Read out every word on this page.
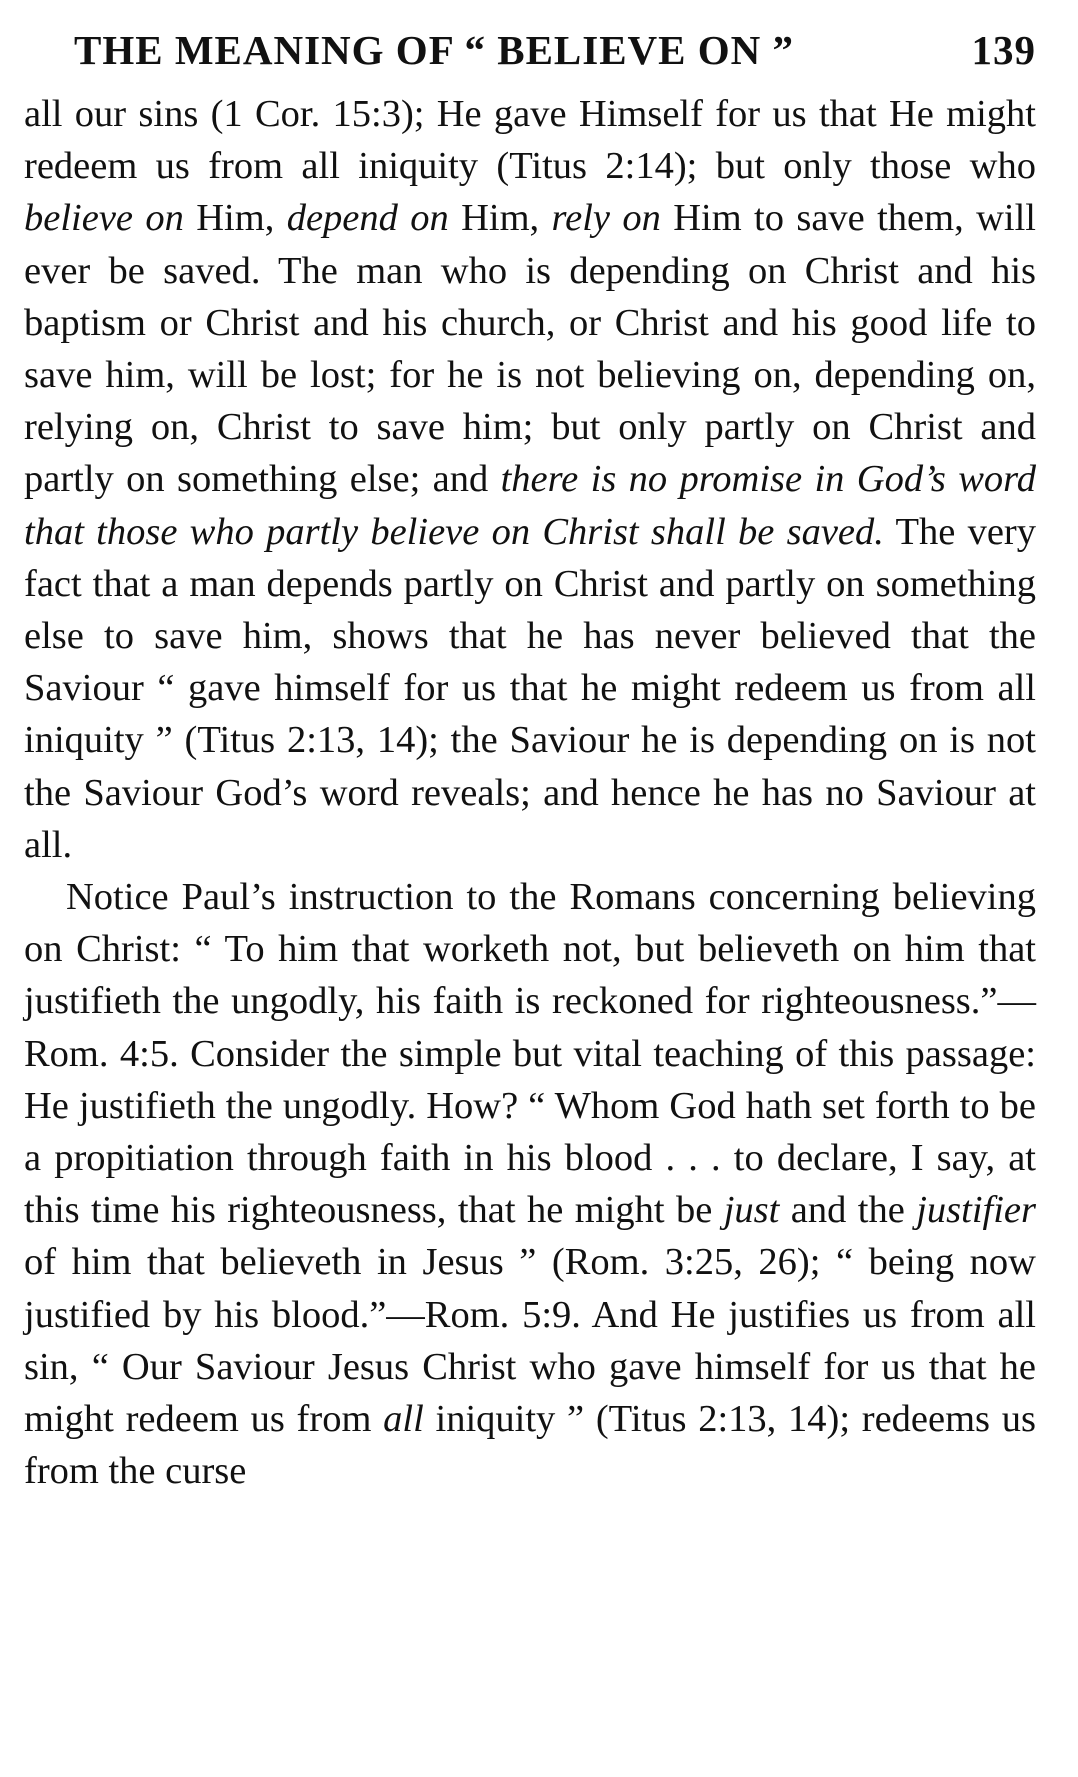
THE MEANING OF “ BELIEVE ON ”	139

all our sins (1 Cor. 15:3); He gave Himself for us that He might redeem us from all iniquity (Titus 2:14); but only those who believe on Him, depend on Him, rely on Him to save them, will ever be saved. The man who is depending on Christ and his baptism or Christ and his church, or Christ and his good life to save him, will be lost; for he is not believing on, depending on, relying on, Christ to save him; but only partly on Christ and partly on something else; and there is no promise in God’s word that those who partly believe on Christ shall be saved. The very fact that a man depends partly on Christ and partly on something else to save him, shows that he has never believed that the Saviour “ gave himself for us that he might redeem us from all iniquity ” (Titus 2:13, 14); the Saviour he is depending on is not the Saviour God’s word reveals; and hence he has no Saviour at all.

Notice Paul’s instruction to the Romans concerning believing on Christ: “ To him that worketh not, but believeth on him that justifieth the ungodly, his faith is reckoned for righteousness.”—Rom. 4:5. Consider the simple but vital teaching of this passage: He justifieth the ungodly. How? “ Whom God hath set forth to be a propitiation through faith in his blood . . . to declare, I say, at this time his righteousness, that he might be just and the justifier of him that believeth in Jesus ” (Rom. 3:25, 26); “ being now justified by his blood.”—Rom. 5:9. And He justifies us from all sin, “ Our Saviour Jesus Christ who gave himself for us that he might redeem us from all iniquity ” (Titus 2:13, 14); redeems us from the curse
